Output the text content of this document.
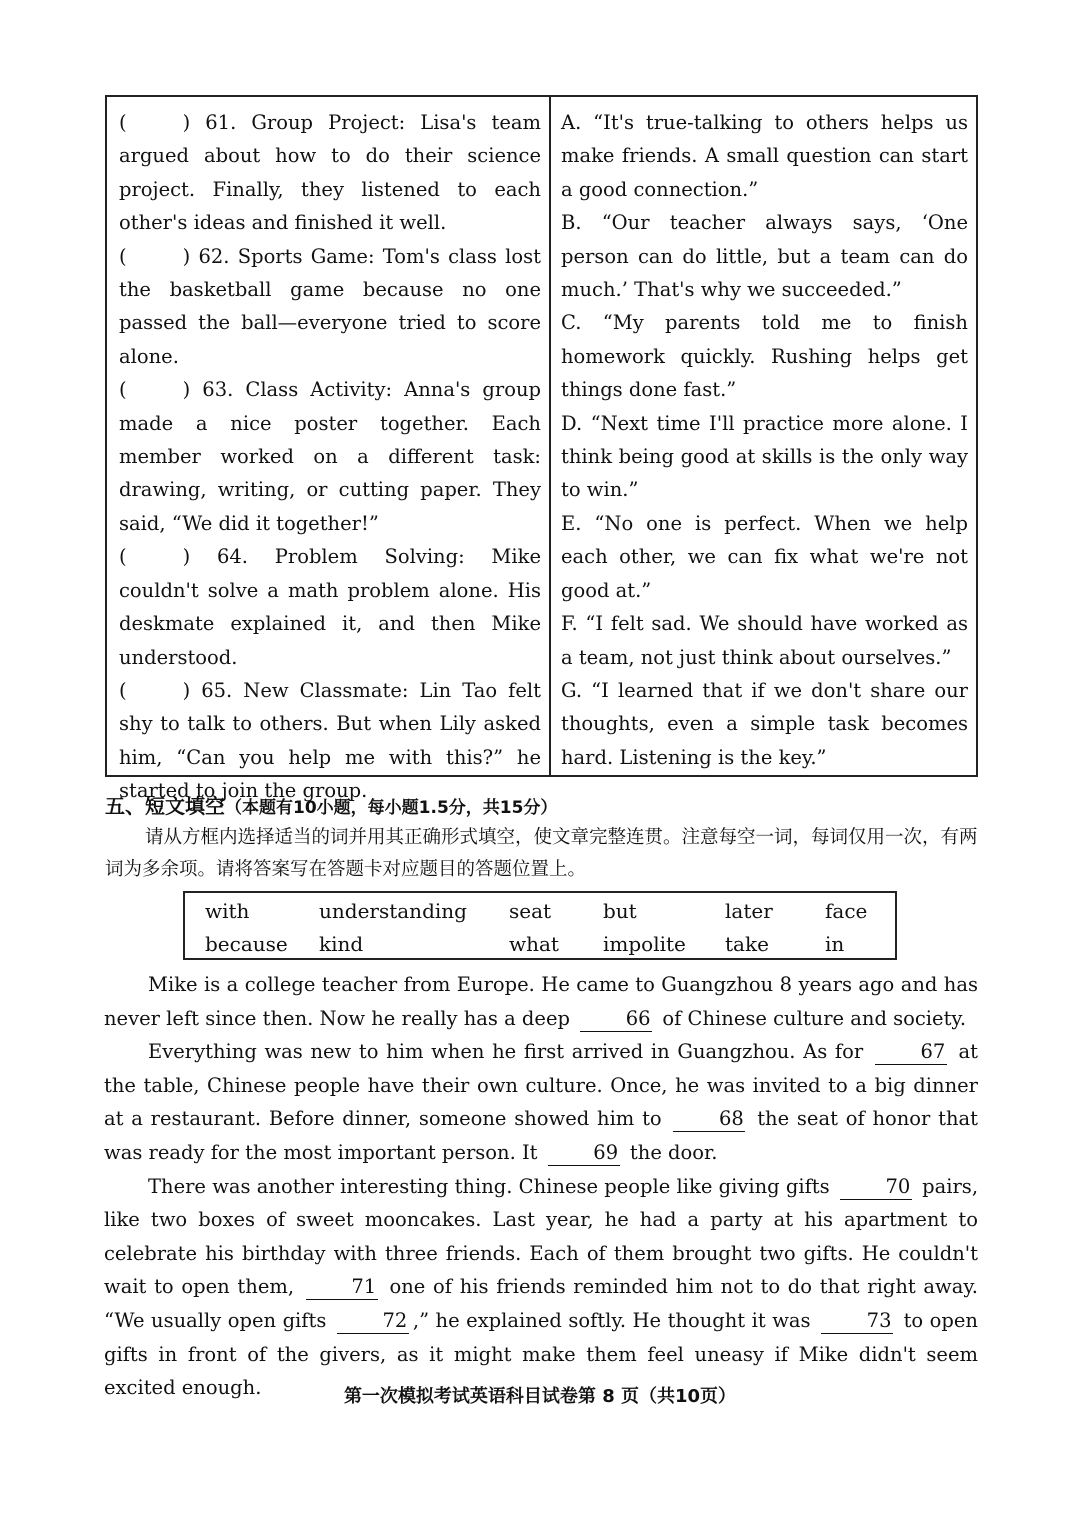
(	) 61. Group Project: Lisa's team argued about how to do their science project. Finally, they listened to each other's ideas and finished it well.

(	) 62. Sports Game: Tom's class lost the basketball game because no one passed the ball—everyone tried to score alone.

(	) 63. Class Activity: Anna's group made a nice poster together. Each member worked on a different task: drawing, writing, or cutting paper. They said, “We did it together!”

(	) 64. Problem Solving: Mike couldn't solve a math problem alone. His deskmate explained it, and then Mike understood.

(	) 65. New Classmate: Lin Tao felt shy to talk to others. But when Lily asked him, “Can you help me with this?” he started to join the group.

A. “It's true-talking to others helps us make friends. A small question can start a good connection.”

B. “Our teacher always says, ‘One person can do little, but a team can do much.’ That's why we succeeded.”

C. “My parents told me to finish homework quickly. Rushing helps get things done fast.”

D. “Next time I'll practice more alone. I think being good at skills is the only way to win.”

E. “No one is perfect. When we help each other, we can fix what we're not good at.”

F. “I felt sad. We should have worked as a team, not just think about ourselves.”

G. “I learned that if we don't share our thoughts, even a simple task becomes hard. Listening is the key.”

五、短文填空（本题有10小题，每小题1.5分，共15分）
请从方框内选择适当的词并用其正确形式填空，使文章完整连贯。注意每空一词，每词仅用一次，有两词为多余项。请将答案写在答题卡对应题目的答题位置上。
with	understanding	seat	but	later	face
because	kind	what	impolite	take	in

Mike is a college teacher from Europe. He came to Guangzhou 8 years ago and has never left since then. Now he really has a deep	66 of Chinese culture and society.

Everything was new to him when he first arrived in Guangzhou. As for	67 at the table, Chinese people have their own culture. Once, he was invited to a big dinner at a restaurant. Before dinner, someone showed him to	68 the seat of honor that was ready for the most important person. It	69 the door.

There was another interesting thing. Chinese people like giving gifts	70 pairs, like two boxes of sweet mooncakes. Last year, he had a party at his apartment to celebrate his birthday with three friends. Each of them brought two gifts. He couldn't wait to open them,	71 one of his friends reminded him not to do that right away. “We usually open gifts	72 ,” he explained softly. He thought it was	73 to open gifts in front of the givers, as it might make them feel uneasy if Mike didn't seem excited enough.	第一次模拟考试英语科目试卷第 8 页（共10页）
